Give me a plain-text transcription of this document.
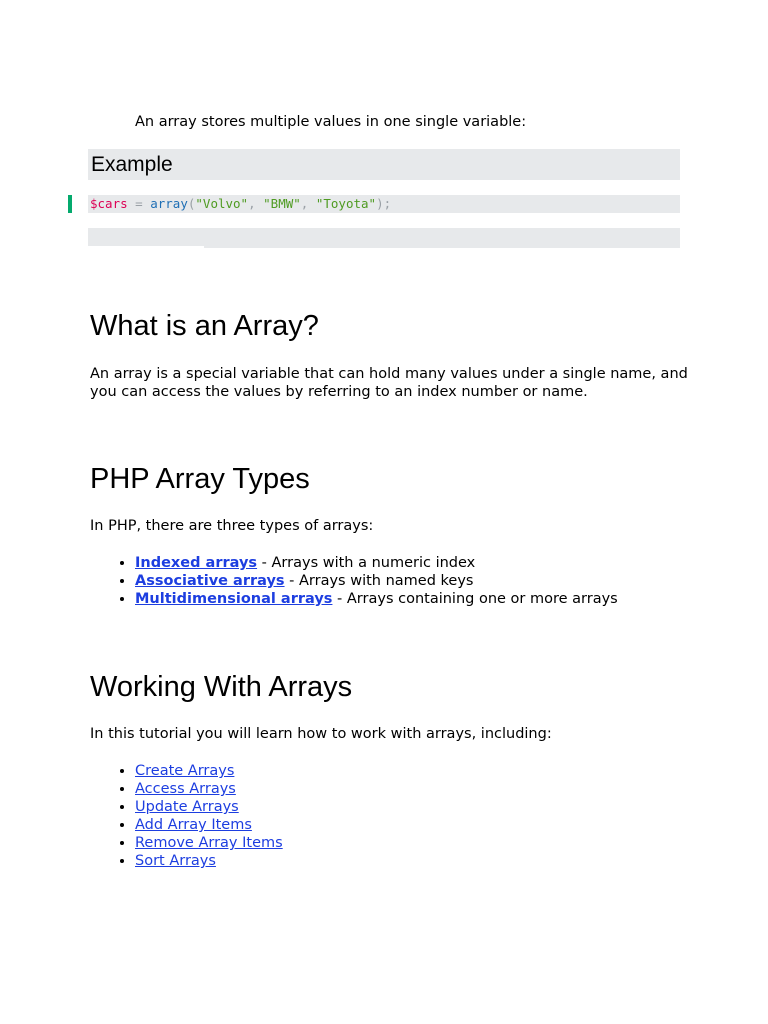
An array stores multiple values in one single variable:

Example
$cars = array("Volvo", "BMW", "Toyota");
What is an Array?

An array is a special variable that can hold many values under a single name, and you can access the values by referring to an index number or name.

PHP Array Types

In PHP, there are three types of arrays:

• Indexed arrays - Arrays with a numeric index
• Associative arrays - Arrays with named keys
• Multidimensional arrays - Arrays containing one or more arrays
Working With Arrays

In this tutorial you will learn how to work with arrays, including:

• Create Arrays
• Access Arrays
• Update Arrays
• Add Array Items
• Remove Array Items
• Sort Arrays
